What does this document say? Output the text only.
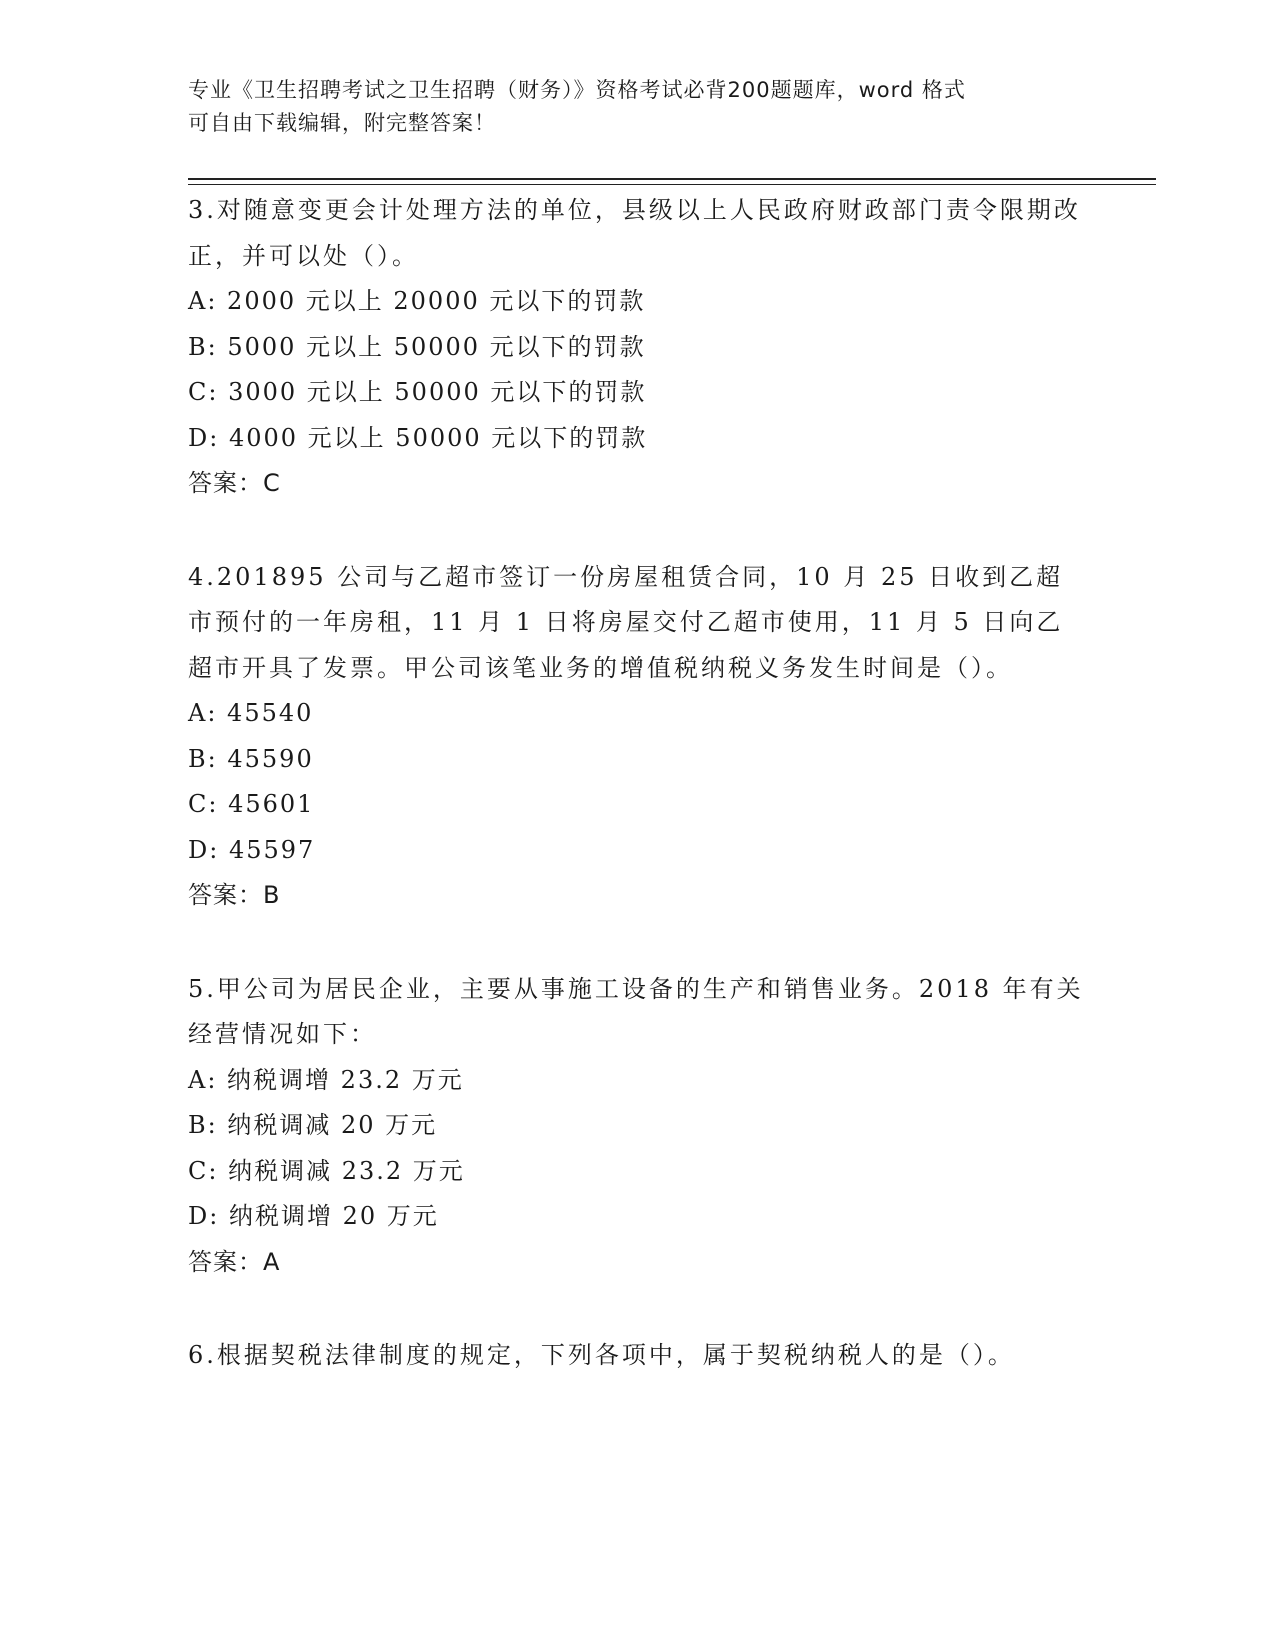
专业《卫生招聘考试之卫生招聘（财务）》资格考试必背200题题库，word 格式
可自由下载编辑，附完整答案！
3.对随意变更会计处理方法的单位，县级以上人民政府财政部门责令限期改正，并可以处（）。
A: 2000 元以上 20000 元以下的罚款
B: 5000 元以上 50000 元以下的罚款
C: 3000 元以上 50000 元以下的罚款
D: 4000 元以上 50000 元以下的罚款
答案：C
4.201895 公司与乙超市签订一份房屋租赁合同，10 月 25 日收到乙超市预付的一年房租，11 月 1 日将房屋交付乙超市使用，11 月 5 日向乙超市开具了发票。甲公司该笔业务的增值税纳税义务发生时间是（）。
A: 45540
B: 45590
C: 45601
D: 45597
答案：B
5.甲公司为居民企业，主要从事施工设备的生产和销售业务。2018 年有关经营情况如下：
A: 纳税调增 23.2 万元
B: 纳税调减 20 万元
C: 纳税调减 23.2 万元
D: 纳税调增 20 万元
答案：A
6.根据契税法律制度的规定，下列各项中，属于契税纳税人的是（）。
